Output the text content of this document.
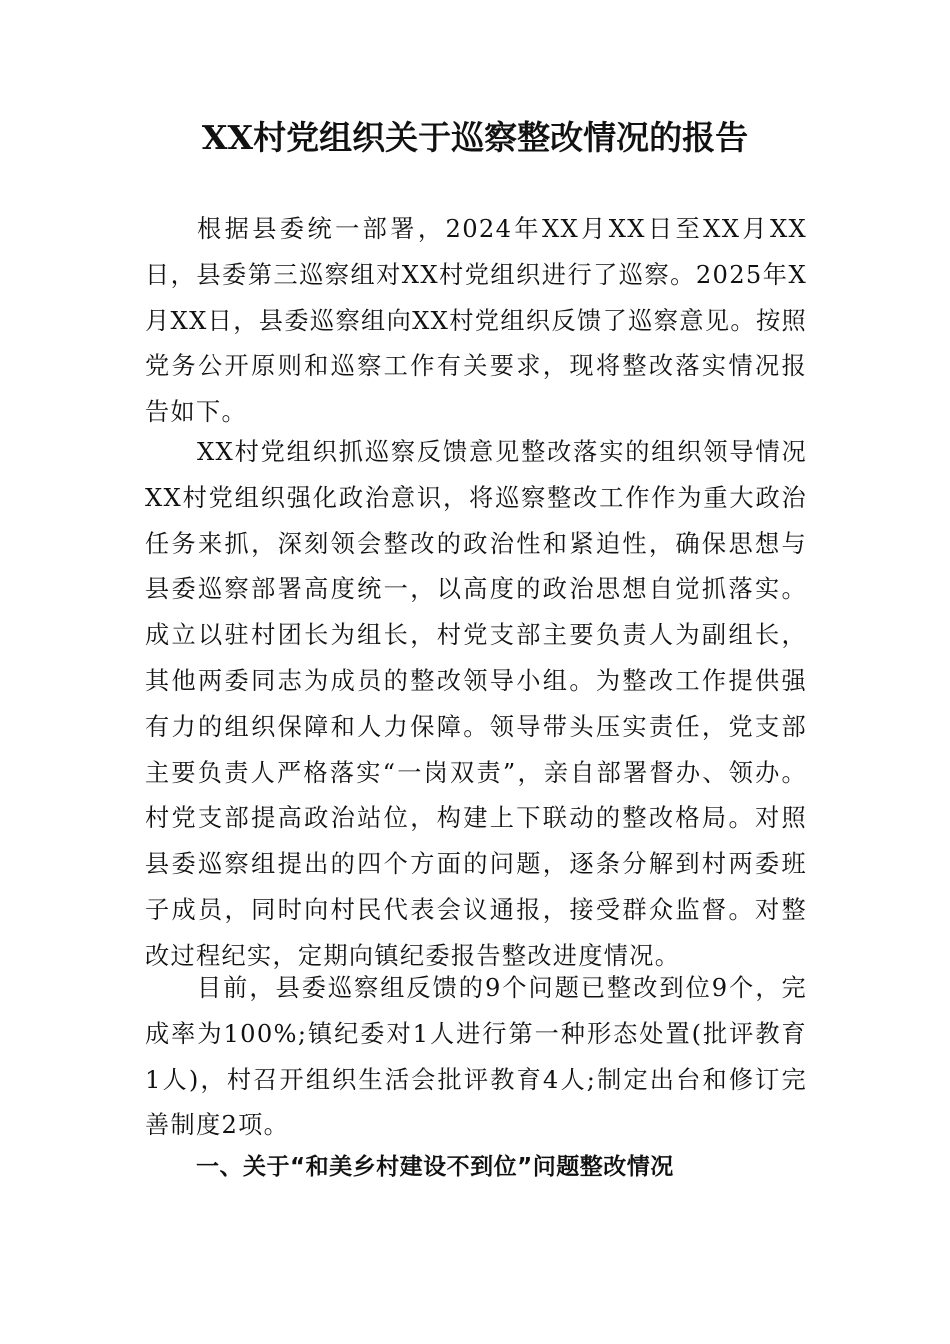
XX村党组织关于巡察整改情况的报告

根据县委统一部署，2024年XX月XX日至XX月XX日，县委第三巡察组对XX村党组织进行了巡察。2025年X月XX日，县委巡察组向XX村党组织反馈了巡察意见。按照党务公开原则和巡察工作有关要求，现将整改落实情况报告如下。

XX村党组织抓巡察反馈意见整改落实的组织领导情况XX村党组织强化政治意识，将巡察整改工作作为重大政治任务来抓，深刻领会整改的政治性和紧迫性，确保思想与县委巡察部署高度统一，以高度的政治思想自觉抓落实。成立以驻村团长为组长，村党支部主要负责人为副组长，其他两委同志为成员的整改领导小组。为整改工作提供强有力的组织保障和人力保障。领导带头压实责任，党支部主要负责人严格落实“一岗双责”，亲自部署督办、领办。村党支部提高政治站位，构建上下联动的整改格局。对照县委巡察组提出的四个方面的问题，逐条分解到村两委班子成员，同时向村民代表会议通报，接受群众监督。对整改过程纪实，定期向镇纪委报告整改进度情况。

目前，县委巡察组反馈的9个问题已整改到位9个，完成率为100%;镇纪委对1人进行第一种形态处置(批评教育1人)，村召开组织生活会批评教育4人;制定出台和修订完善制度2项。

一、关于“和美乡村建设不到位”问题整改情况
